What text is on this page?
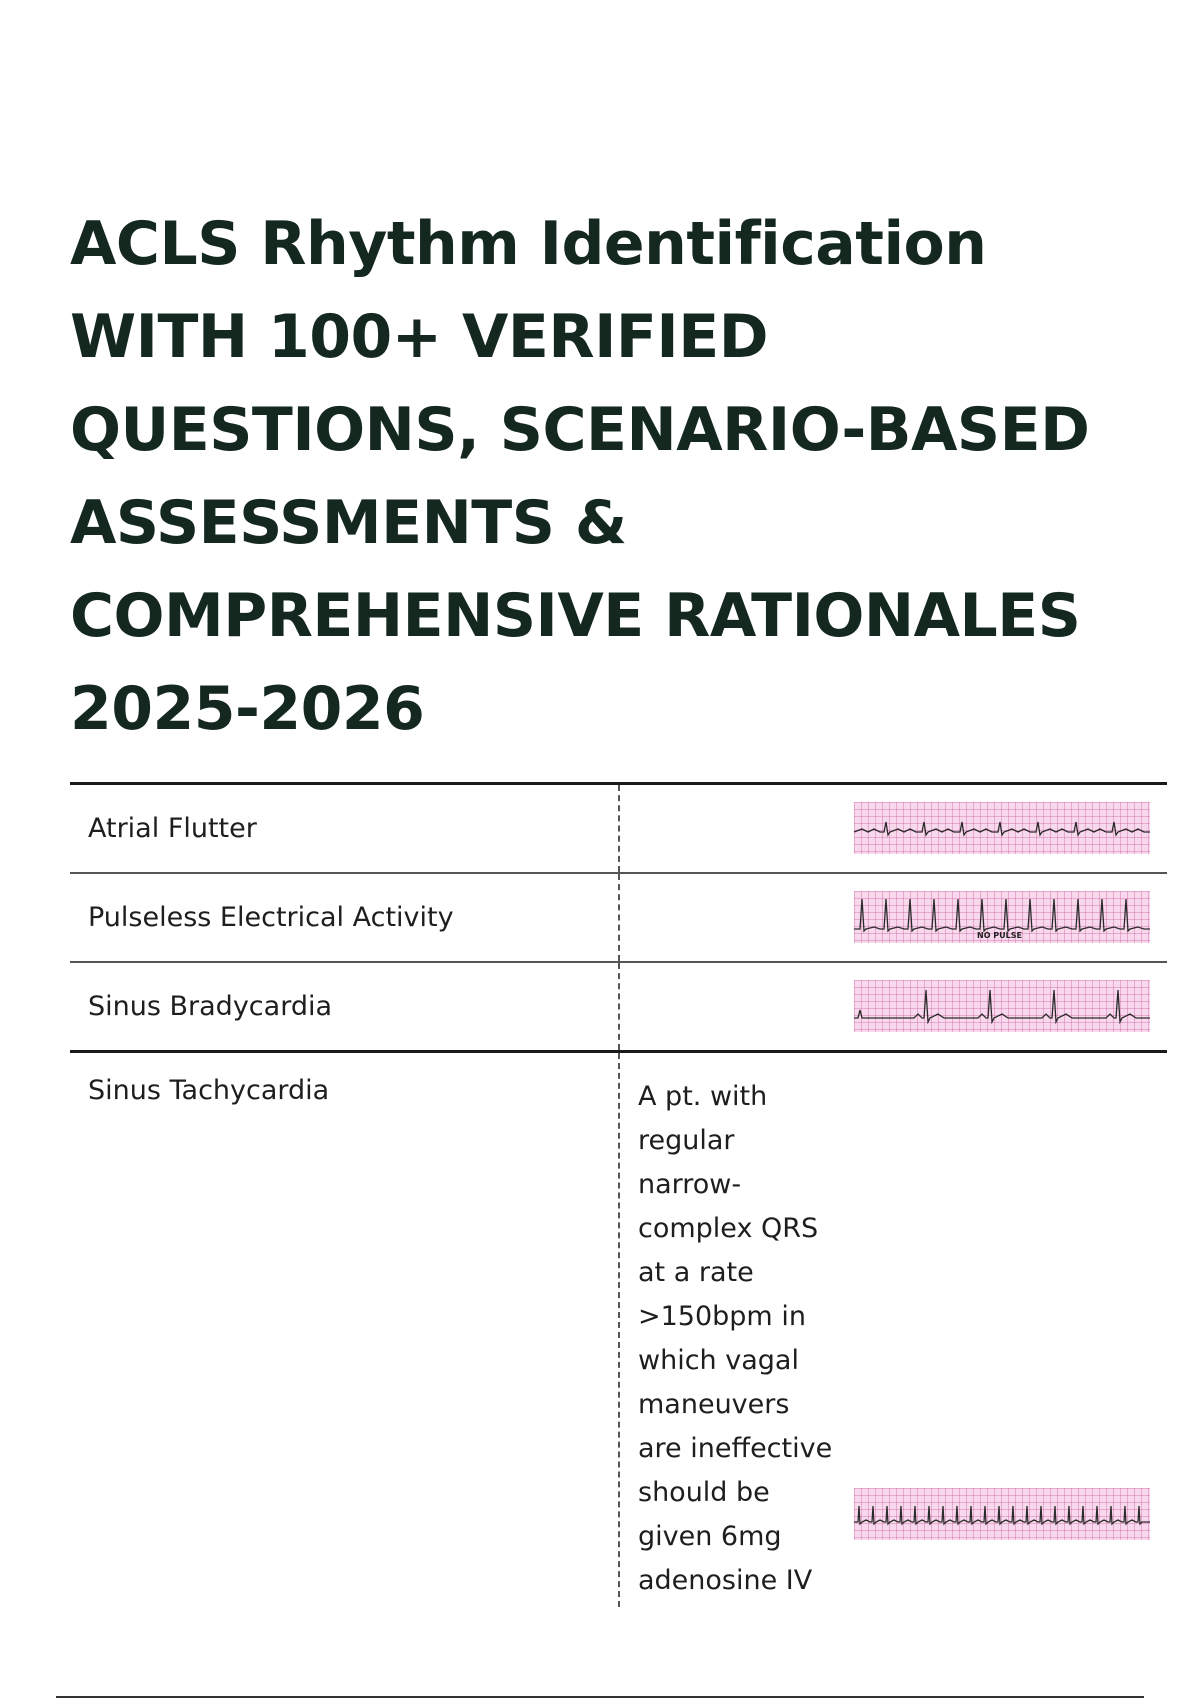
ACLS Rhythm Identification
WITH 100+ VERIFIED
QUESTIONS, SCENARIO-BASED
ASSESSMENTS &
COMPREHENSIVE RATIONALES
2025-2026
Atrial Flutter
Pulseless Electrical Activity
NO PULSE
Sinus Bradycardia
Sinus Tachycardia	A pt. with
regular
narrow-
complex QRS
at a rate
>150bpm in
which vagal
maneuvers
are ineffective
should be
given 6mg
adenosine IV
